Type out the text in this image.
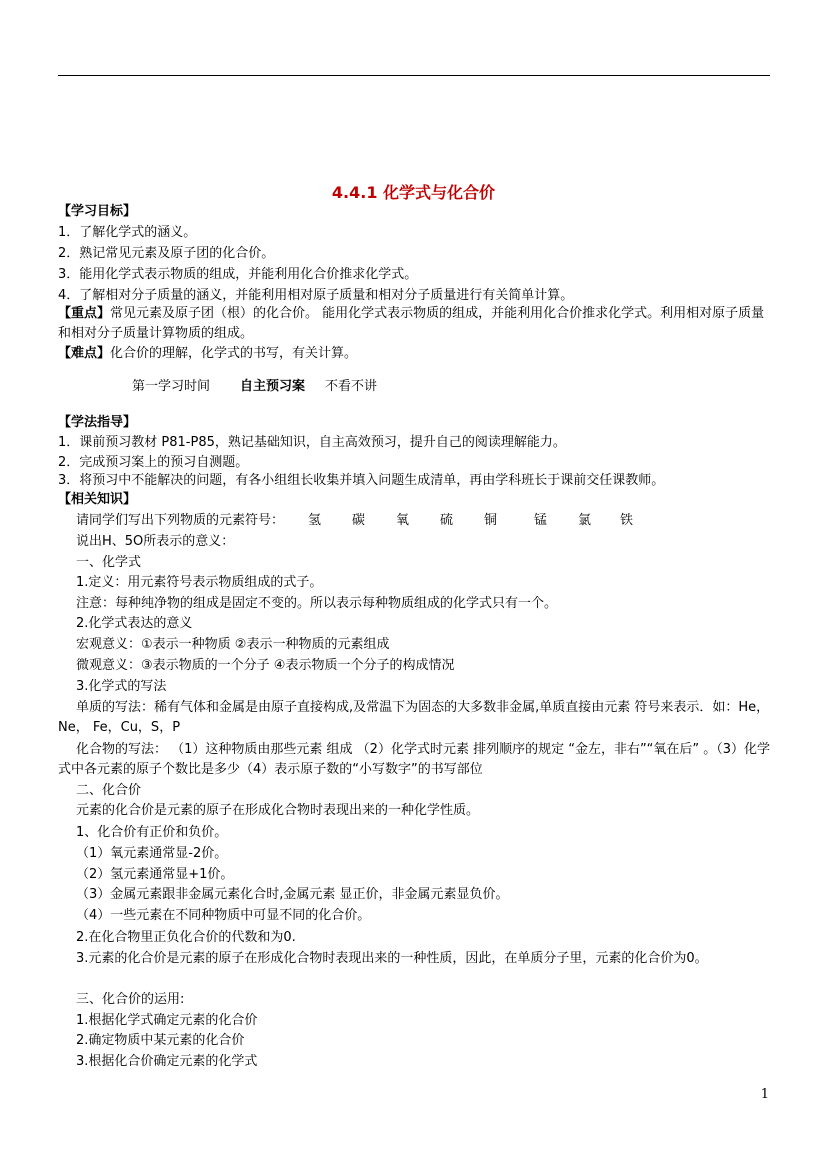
4.4.1 化学式与化合价
【学习目标】
1．了解化学式的涵义。
2．熟记常见元素及原子团的化合价。
3．能用化学式表示物质的组成，并能利用化合价推求化学式。
4．了解相对分子质量的涵义，并能利用相对原子质量和相对分子质量进行有关简单计算。
【重点】常见元素及原子团（根）的化合价。 能用化学式表示物质的组成，并能利用化合价推求化学式。利用相对原子质量和相对分子质量计算物质的组成。
【难点】化合价的理解，化学式的书写，有关计算。
第一学习时间 自主预习案 不看不讲
【学法指导】
1．课前预习教材 P81-P85，熟记基础知识，自主高效预习，提升自己的阅读理解能力。
2．完成预习案上的预习自测题。
3．将预习中不能解决的问题，有各小组组长收集并填入问题生成清单，再由学科班长于课前交任课教师。
【相关知识】
请同学们写出下列物质的元素符号： 氢 碳 氧 硫 铜	锰 氯 铁
说出H、5O所表示的意义：
一、化学式
1.定义：用元素符号表示物质组成的式子。
注意：每种纯净物的组成是固定不变的。所以表示每种物质组成的化学式只有一个。
2.化学式表达的意义
宏观意义：①表示一种物质 ②表示一种物质的元素组成
微观意义：③表示物质的一个分子 ④表示物质一个分子的构成情况
3.化学式的写法
单质的写法：稀有气体和金属是由原子直接构成,及常温下为固态的大多数非金属,单质直接由元素 符号来表示．如：He，Ne， Fe，Cu，S，P
化合物的写法： （1）这种物质由那些元素 组成 （2）化学式时元素 排列顺序的规定 “金左，非右”“氧在后” 。（3）化学式中各元素的原子个数比是多少（4）表示原子数的“小写数字”的书写部位
二、化合价
元素的化合价是元素的原子在形成化合物时表现出来的一种化学性质。
1、化合价有正价和负价。
（1）氧元素通常显-2价。
（2）氢元素通常显+1价。
（3）金属元素跟非金属元素化合时,金属元素 显正价，非金属元素显负价。
（4）一些元素在不同种物质中可显不同的化合价。
2.在化合物里正负化合价的代数和为0.
3.元素的化合价是元素的原子在形成化合物时表现出来的一种性质，因此，在单质分子里，元素的化合价为0。
三、化合价的运用:
1.根据化学式确定元素的化合价
2.确定物质中某元素的化合价
3.根据化合价确定元素的化学式
1
